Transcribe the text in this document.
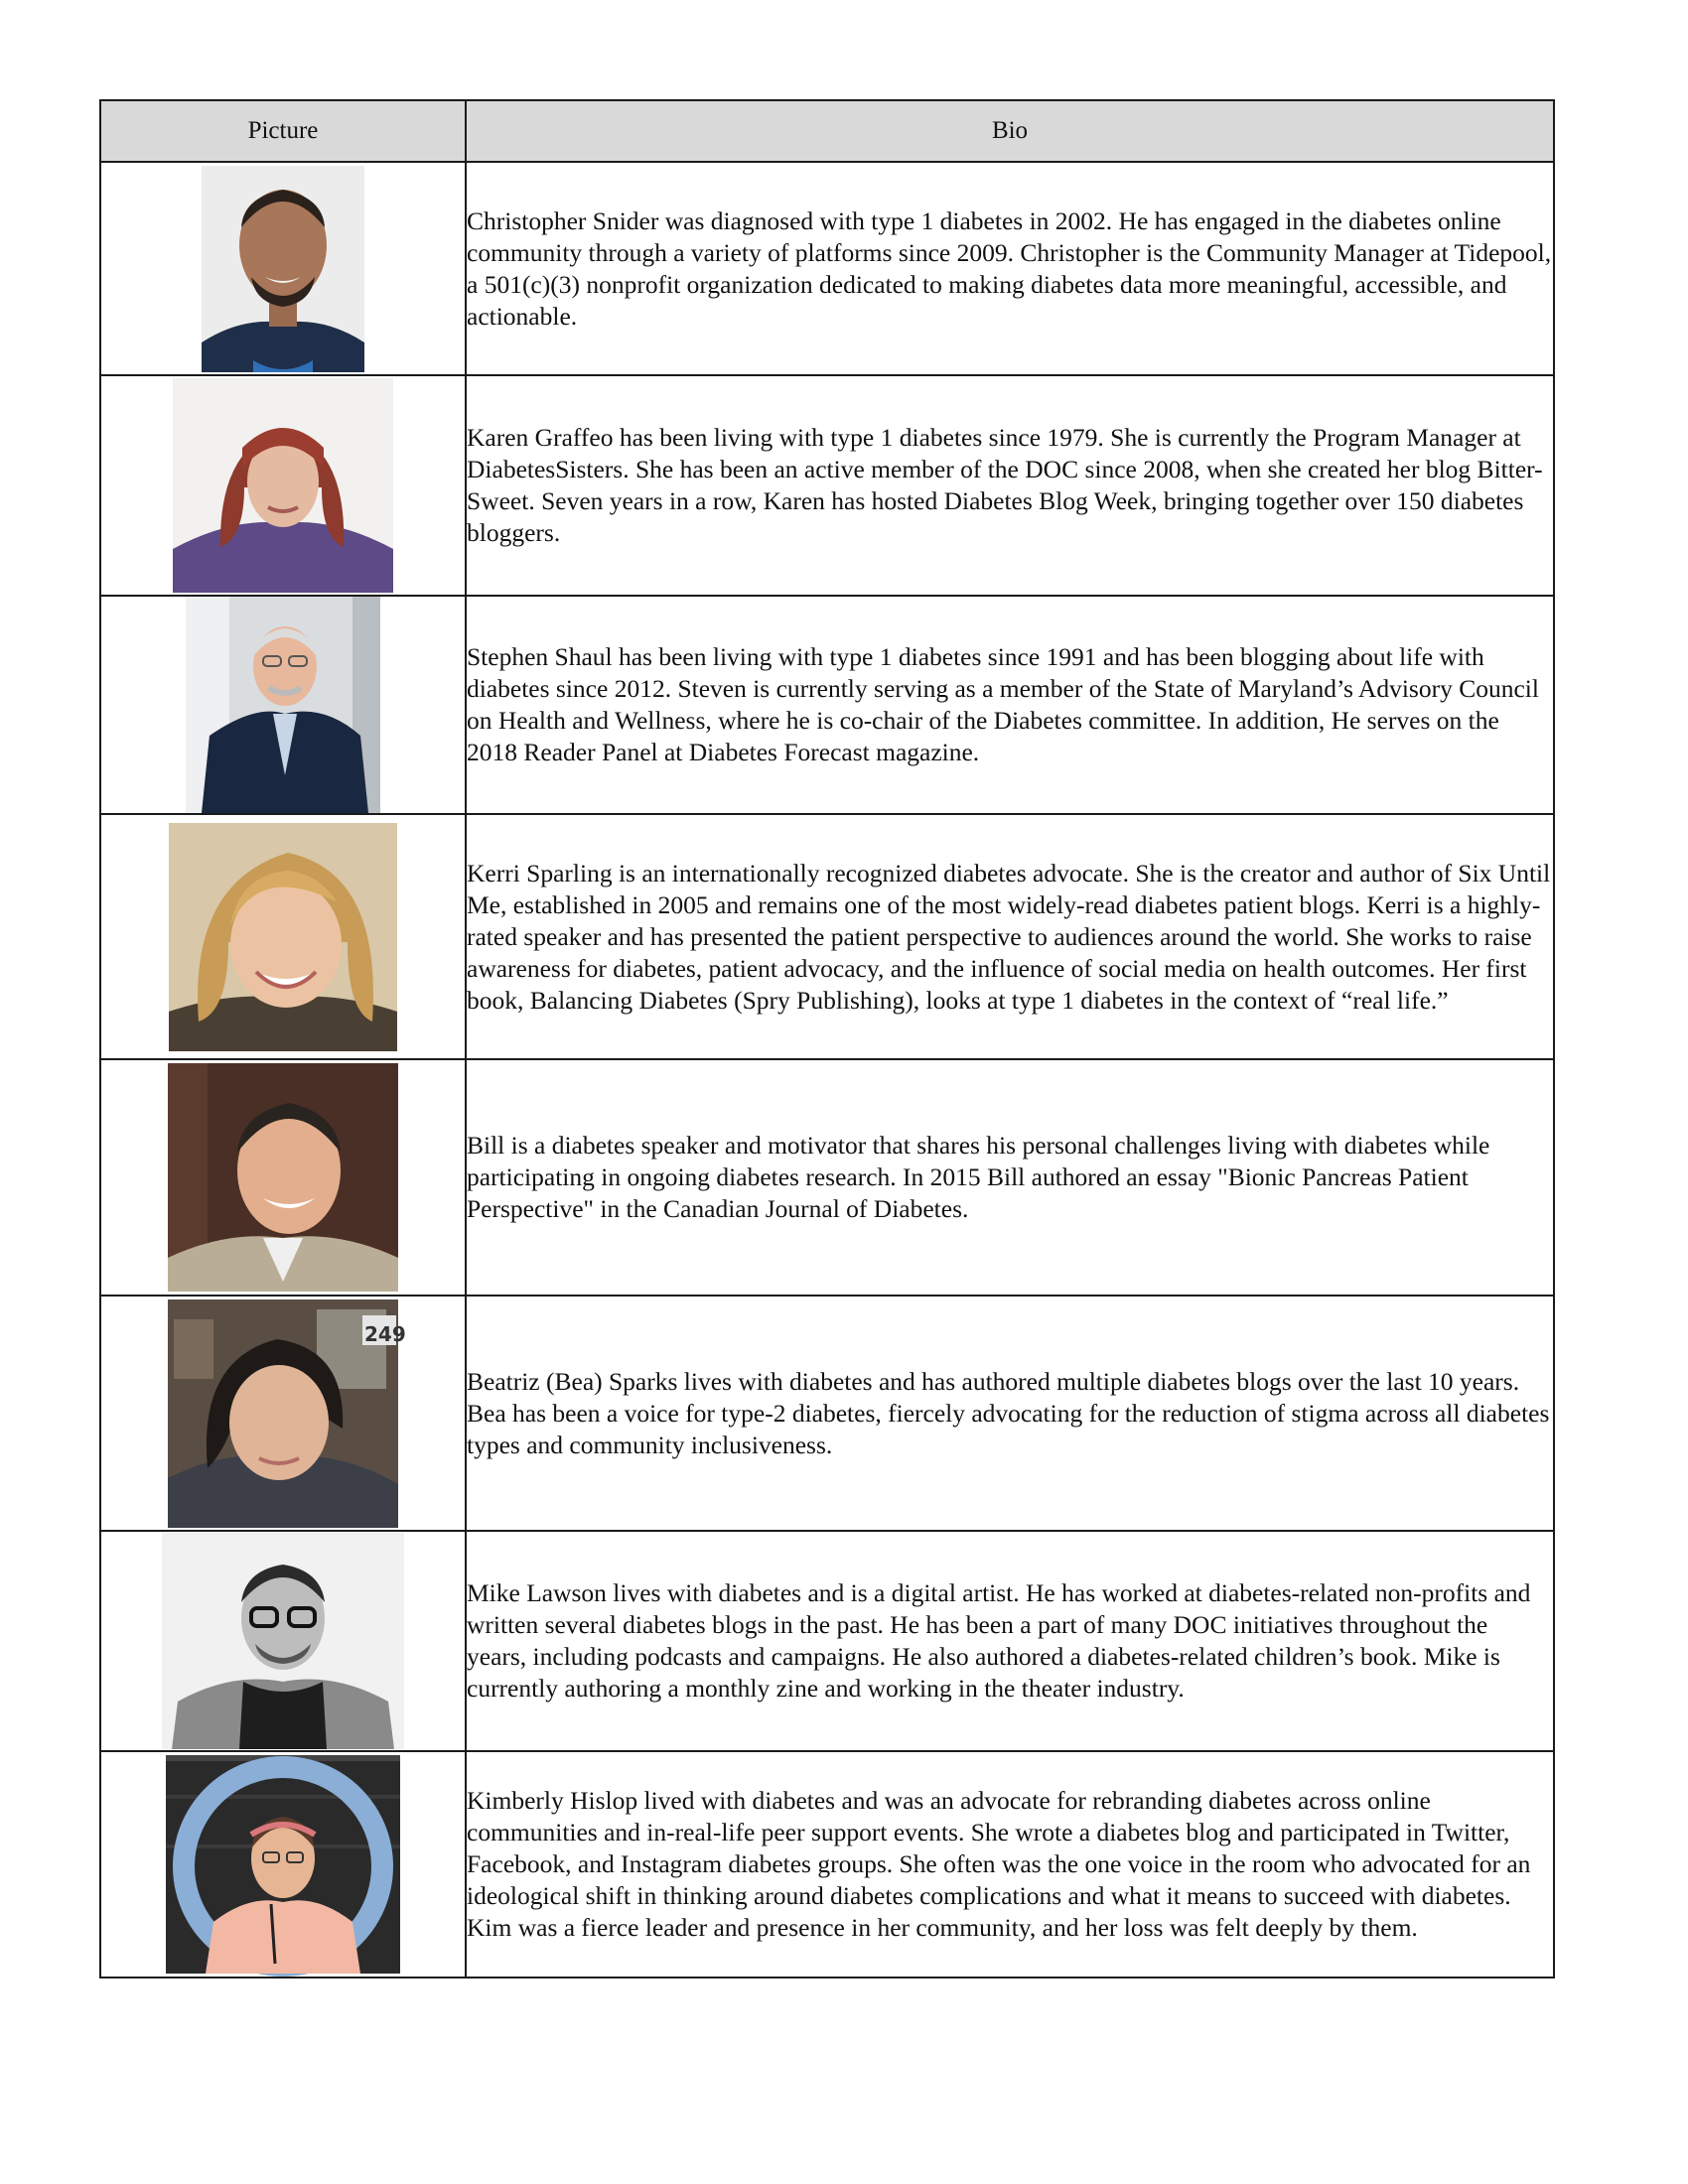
Picture	Bio

	Christopher Snider was diagnosed with type 1 diabetes in 2002. He has engaged in the diabetes online community through a variety of platforms since 2009. Christopher is the Community Manager at Tidepool, a 501(c)(3) nonprofit organization dedicated to making diabetes data more meaningful, accessible, and actionable.

	Karen Graffeo has been living with type 1 diabetes since 1979. She is currently the Program Manager at DiabetesSisters. She has been an active member of the DOC since 2008, when she created her blog Bitter-Sweet. Seven years in a row, Karen has hosted Diabetes Blog Week, bringing together over 150 diabetes bloggers.

	Stephen Shaul has been living with type 1 diabetes since 1991 and has been blogging about life with diabetes since 2012. Steven is currently serving as a member of the State of Maryland’s Advisory Council on Health and Wellness, where he is co-chair of the Diabetes committee. In addition, He serves on the 2018 Reader Panel at Diabetes Forecast magazine.

	Kerri Sparling is an internationally recognized diabetes advocate. She is the creator and author of Six Until Me, established in 2005 and remains one of the most widely-read diabetes patient blogs. Kerri is a highly-rated speaker and has presented the patient perspective to audiences around the world. She works to raise awareness for diabetes, patient advocacy, and the influence of social media on health outcomes. Her first book, Balancing Diabetes (Spry Publishing), looks at type 1 diabetes in the context of “real life.”

	Bill is a diabetes speaker and motivator that shares his personal challenges living with diabetes while participating in ongoing diabetes research. In 2015 Bill authored an essay "Bionic Pancreas Patient Perspective" in the Canadian Journal of Diabetes.

249	Beatriz (Bea) Sparks lives with diabetes and has authored multiple diabetes blogs over the last 10 years. Bea has been a voice for type-2 diabetes, fiercely advocating for the reduction of stigma across all diabetes types and community inclusiveness.

	Mike Lawson lives with diabetes and is a digital artist. He has worked at diabetes-related non-profits and written several diabetes blogs in the past. He has been a part of many DOC initiatives throughout the years, including podcasts and campaigns. He also authored a diabetes-related children’s book. Mike is currently authoring a monthly zine and working in the theater industry.

	Kimberly Hislop lived with diabetes and was an advocate for rebranding diabetes across online communities and in-real-life peer support events. She wrote a diabetes blog and participated in Twitter, Facebook, and Instagram diabetes groups. She often was the one voice in the room who advocated for an ideological shift in thinking around diabetes complications and what it means to succeed with diabetes. Kim was a fierce leader and presence in her community, and her loss was felt deeply by them.
